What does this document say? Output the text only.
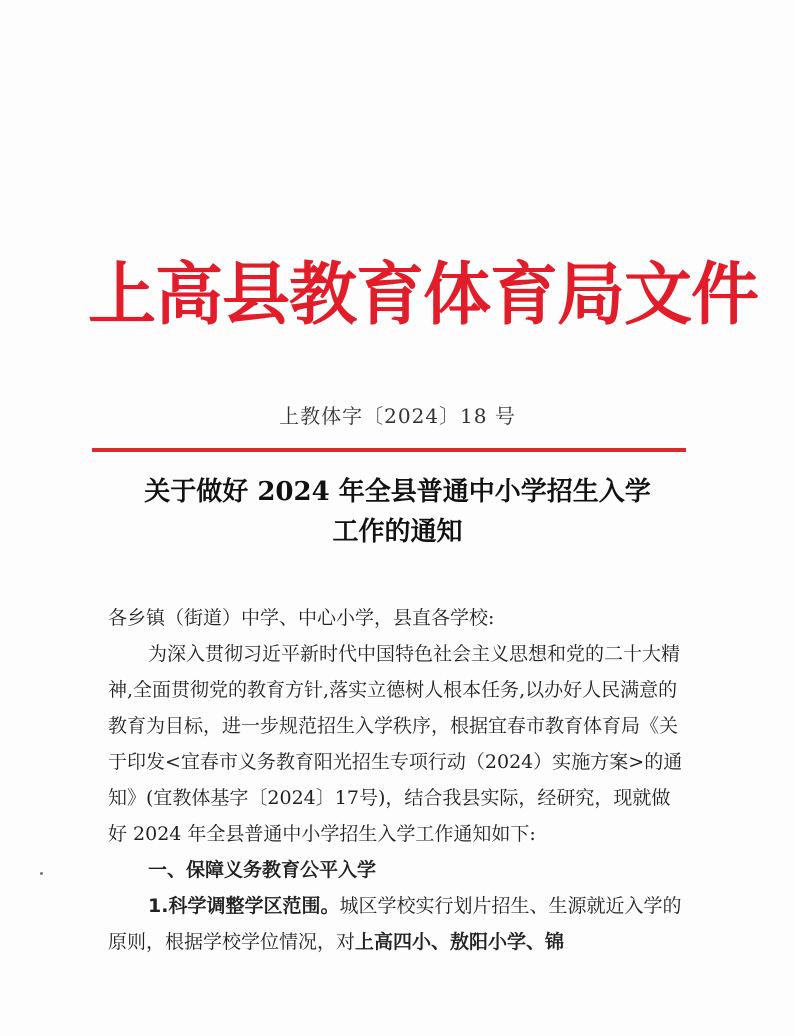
上高县教育体育局文件
上教体字〔2024〕18 号
关于做好 2024 年全县普通中小学招生入学
工作的通知

各乡镇（街道）中学、中心小学，县直各学校:

为深入贯彻习近平新时代中国特色社会主义思想和党的二十大精神,全面贯彻党的教育方针,落实立德树人根本任务,以办好人民满意的教育为目标，进一步规范招生入学秩序，根据宜春市教育体育局《关于印发<宜春市义务教育阳光招生专项行动（2024）实施方案>的通知》(宜教体基字〔2024〕17号)，结合我县实际，经研究，现就做好 2024 年全县普通中小学招生入学工作通知如下:

一、保障义务教育公平入学

1.科学调整学区范围。城区学校实行划片招生、生源就近入学的原则，根据学校学位情况，对上高四小、敖阳小学、锦
